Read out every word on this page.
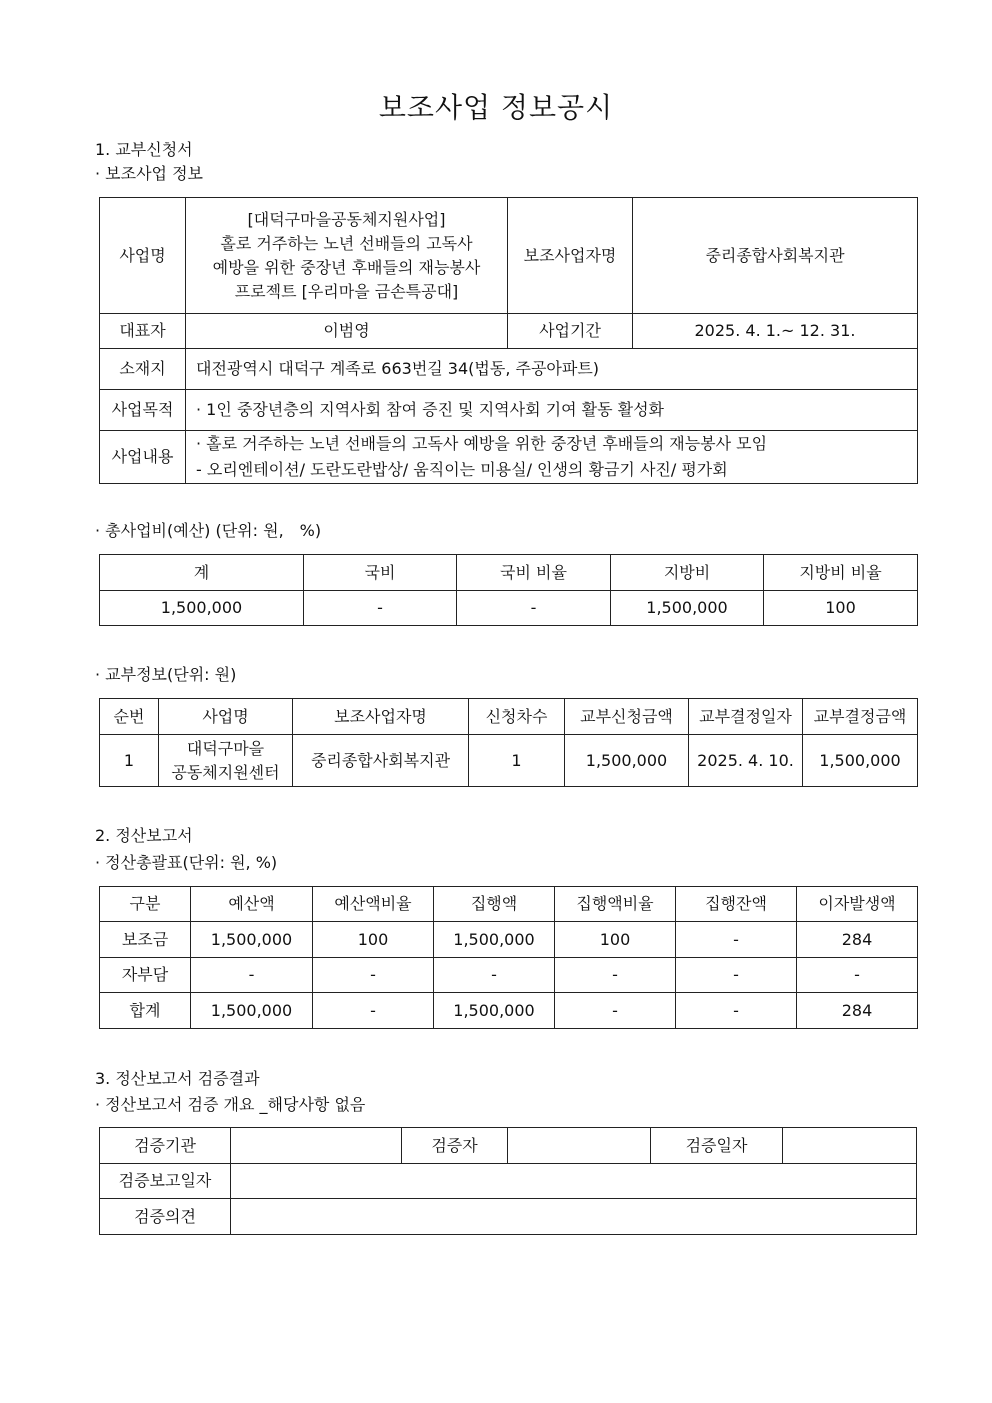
보조사업 정보공시
1. 교부신청서
· 보조사업 정보
사업명	[대덕구마을공동체지원사업]
홀로 거주하는 노년 선배들의 고독사
예방을 위한 중장년 후배들의 재능봉사
프로젝트 [우리마을 금손특공대]	보조사업자명	중리종합사회복지관
대표자	이범영	사업기간	2025. 4. 1.~ 12. 31.
소재지	대전광역시 대덕구 계족로 663번길 34(법동, 주공아파트)		
사업목적	· 1인 중장년층의 지역사회 참여 증진 및 지역사회 기여 활동 활성화		
사업내용	· 홀로 거주하는 노년 선배들의 고독사 예방을 위한 중장년 후배들의 재능봉사 모임
- 오리엔테이션/ 도란도란밥상/ 움직이는 미용실/ 인생의 황금기 사진/ 평가회		
· 총사업비(예산) (단위: 원,　%)
계	국비	국비 비율	지방비	지방비 비율
1,500,000	-	-	1,500,000	100
· 교부정보(단위: 원)
순번	사업명	보조사업자명	신청차수	교부신청금액	교부결정일자	교부결정금액
1	대덕구마을
공동체지원센터	중리종합사회복지관	1	1,500,000	2025. 4. 10.	1,500,000
2. 정산보고서
· 정산총괄표(단위: 원, %)
구분	예산액	예산액비율	집행액	집행액비율	집행잔액	이자발생액
보조금	1,500,000	100	1,500,000	100	-	284
자부담	-	-	-	-	-	-
합계	1,500,000	-	1,500,000	-	-	284
3. 정산보고서 검증결과
· 정산보고서 검증 개요 _해당사항 없음
검증기관		검증자		검증일자	
검증보고일자					
검증의견					
